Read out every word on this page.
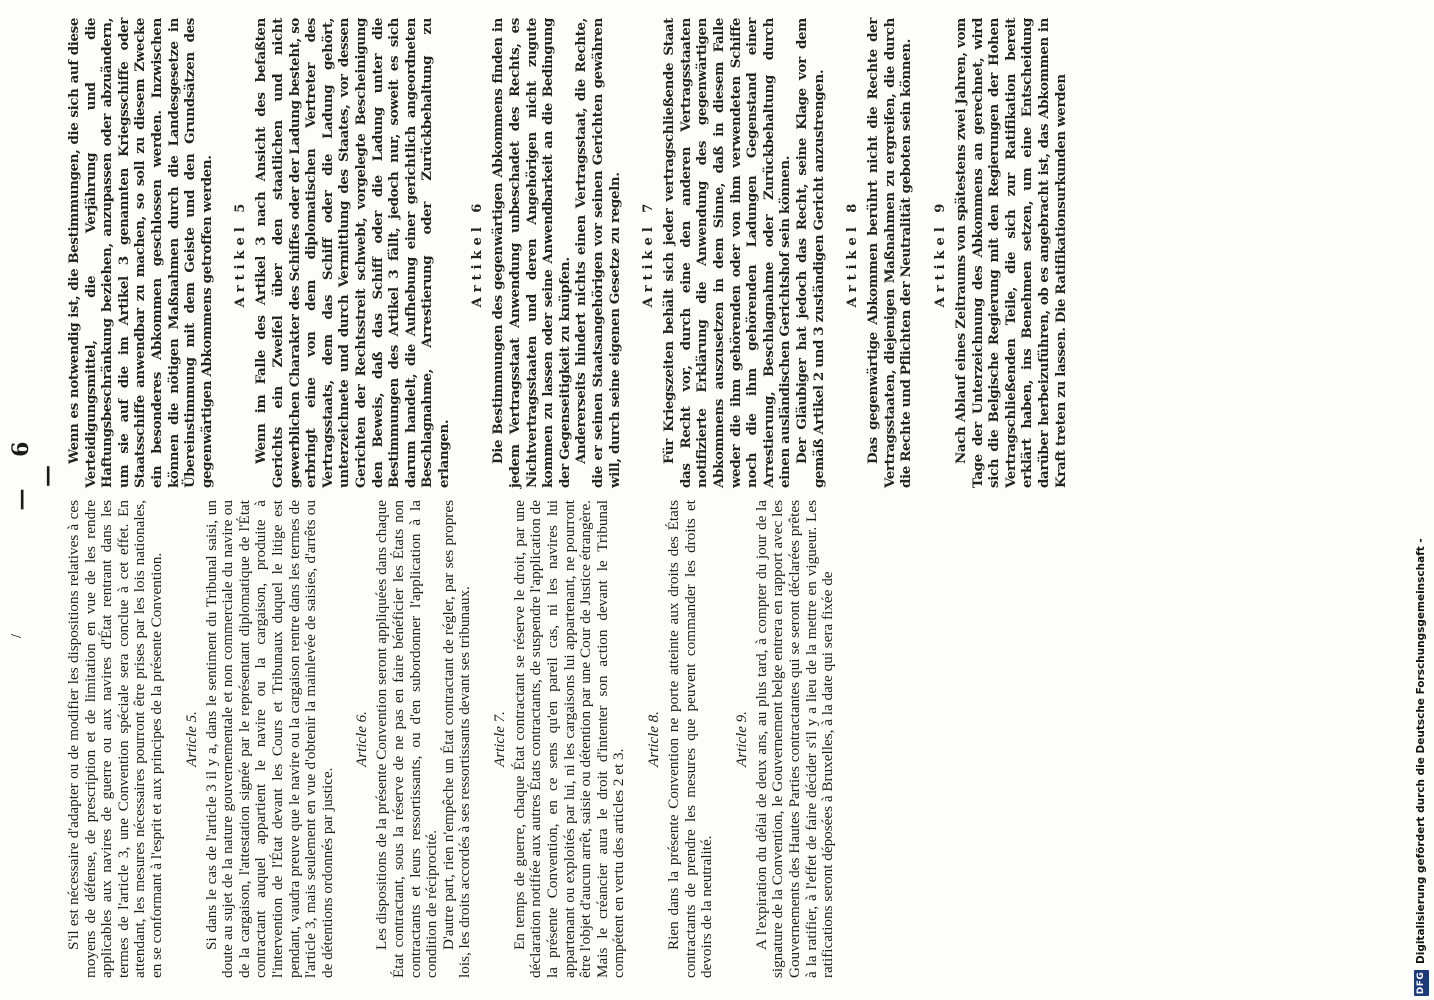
/
— 6 —

S'il est nécessaire d'adapter ou de modifier les dispositions relatives à ces moyens de défense, de prescription et de limitation en vue de les rendre applicables aux navires de guerre ou aux navires d'État rentrant dans les termes de l'article 3, une Convention spéciale sera conclue à cet effet. En attendant, les mesures nécessaires pourront être prises par les lois nationales, en se conformant à l'esprit et aux principes de la présente Convention. Article 5. Si dans le cas de l'article 3 il y a, dans le sentiment du Tribunal saisi, un doute au sujet de la nature gouvernementale et non commerciale du navire ou de la cargaison, l'attestation signée par le représentant diplomatique de l'État contractant auquel appartient le navire ou la cargaison, produite à l'intervention de l'État devant les Cours et Tribunaux duquel le litige est pendant, vaudra preuve que le navire ou la cargaison rentre dans les termes de l'article 3, mais seulement en vue d'obtenir la mainlevée de saisies, d'arrêts ou de détentions ordonnés par justice.

Article 6. Les dispositions de la présente Convention seront appliquées dans chaque État contractant, sous la réserve de ne pas en faire bénéficier les États non contractants et leurs ressortissants, ou d'en subordonner l'application à la condition de réciprocité. D'autre part, rien n'empêche un État contractant de régler, par ses propres lois, les droits accordés à ses ressortissants devant ses tribunaux. Article 7. En temps de guerre, chaque État contractant se réserve le droit, par une déclaration notifiée aux autres États contractants, de suspendre l'application de la présente Convention, en ce sens qu'en pareil cas, ni les navires lui appartenant ou exploités par lui, ni les cargaisons lui appartenant, ne pourront être l'objet d'aucun arrêt, saisie ou détention par une Cour de Justice étrangère. Mais le créancier aura le droit d'intenter son action devant le Tribunal compétent en vertu des articles 2 et 3.

Article 8. Rien dans la présente Convention ne porte atteinte aux droits des États contractants de prendre les mesures que peuvent commander les droits et devoirs de la neutralité.

Article 9. A l'expiration du délai de deux ans, au plus tard, à compter du jour de la signature de la Convention, le Gouvernement belge entrera en rapport avec les Gouvernements des Hautes Parties contractantes qui se seront déclarées prêtes à la ratifier, à l'effet de faire décider s'il y a lieu de la mettre en vigueur. Les ratifications seront déposées à Bruxelles, à la date qui sera fixée de

Wenn es notwendig ist, die Bestimmungen, die sich auf diese Verteidigungsmittel, die Verjährung und die Haftungsbeschränkung beziehen, anzupassen oder abzuändern, um sie auf die im Artikel 3 genannten Kriegsschiffe oder Staatsschiffe anwendbar zu machen, so soll zu diesem Zwecke ein besonderes Abkommen geschlossen werden. Inzwischen können die nötigen Maßnahmen durch die Landesgesetze in Übereinstimmung mit dem Geiste und den Grundsätzen des gegenwärtigen Abkommens getroffen werden. Artikel 5 Wenn im Falle des Artikel 3 nach Ansicht des befaßten Gerichts ein Zweifel über den staatlichen und nicht gewerblichen Charakter des Schiffes oder der Ladung besteht, so erbringt eine von dem diplomatischen Vertreter des Vertragsstaats, dem das Schiff oder die Ladung gehört, unterzeichnete und durch Vermittlung des Staates, vor dessen Gerichten der Rechtsstreit schwebt, vorgelegte Bescheinigung den Beweis, daß das Schiff oder die Ladung unter die Bestimmungen des Artikel 3 fällt, jedoch nur, soweit es sich darum handelt, die Aufhebung einer gerichtlich angeordneten Beschlagnahme, Arrestierung oder Zurückbehaltung zu erlangen.

Artikel 6 Die Bestimmungen des gegenwärtigen Abkommens finden in jedem Vertragsstaat Anwendung unbeschadet des Rechts, es Nichtvertragsstaaten und deren Angehörigen nicht zugute kommen zu lassen oder seine Anwendbarkeit an die Bedingung der Gegenseitigkeit zu knüpfen. Andererseits hindert nichts einen Vertragsstaat, die Rechte, die er seinen Staatsangehörigen vor seinen Gerichten gewähren will, durch seine eigenen Gesetze zu regeln. Artikel 7 Für Kriegszeiten behält sich jeder vertragschließende Staat das Recht vor, durch eine den anderen Vertragsstaaten notifizierte Erklärung die Anwendung des gegenwärtigen Abkommens auszusetzen in dem Sinne, daß in diesem Falle weder die ihm gehörenden oder von ihm verwendeten Schiffe noch die ihm gehörenden Ladungen Gegenstand einer Arrestierung, Beschlagnahme oder Zurückbehaltung durch einen ausländischen Gerichtshof sein können. Der Gläubiger hat jedoch das Recht, seine Klage vor dem gemäß Artikel 2 und 3 zuständigen Gericht anzustrengen. Artikel 8 Das gegenwärtige Abkommen berührt nicht die Rechte der Vertragsstaaten, diejenigen Maßnahmen zu ergreifen, die durch die Rechte und Pflichten der Neutralität geboten sein können. Artikel 9 Nach Ablauf eines Zeitraums von spätestens zwei Jahren, vom Tage der Unterzeichnung des Abkommens an gerechnet, wird sich die Belgische Regierung mit den Regierungen der Hohen Vertragschließenden Teile, die sich zur Ratifikation bereit erklärt haben, ins Benehmen setzen, um eine Entscheidung darüber herbeizuführen, ob es angebracht ist, das Abkommen in Kraft treten zu lassen. Die Ratifikationsurkunden werden

DFG
Digitalisierung gefördert durch die Deutsche Forschungsgemeinschaft -
